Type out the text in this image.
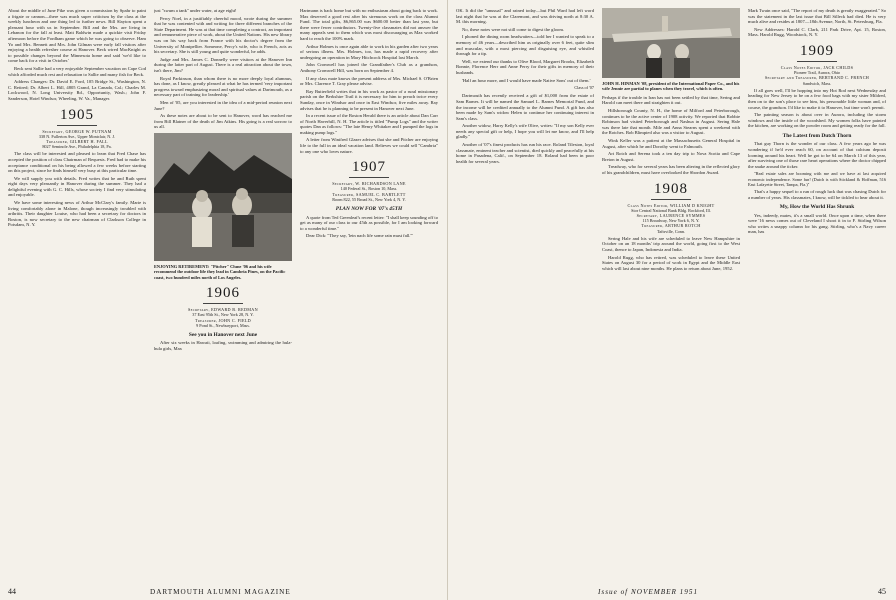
About the middle of June Pike was given a commission by Spahr to paint a frigate or cannon—there was much super criticism by the class at the weekly luncheon and one thing led to further news. Bill Slayton spent a pleasant hour with us in September. Bill and the Mrs. are living in Lebanon for the fall at least. Matt Baldwin made a quickie visit Friday afternoon before the Fordham game which he was going to observe. Ham Yo and Mrs. Bennett and Mrs. John Gilman were early fall visitors after enjoying a health refresher course at Hanover. Beck wired MacKnight as to possible changes beyond the Minnesota home and said 'we'd like to come back for a visit in October.'

Beck sent Sallie had a very enjoyable September vacation on Cape Cod which afforded much rest and relaxation to Sallie and many fish for Beck.

Address Changes: Dr. David E. Ford, 105 Bridge St., Washington, N. C. Retired; Dr. Albert L. Hill, 4805 Grand, La Canada, Cal.; Charles M. Lockwood, N. Long University Rd., Opportunity, Wash.; John F. Sanderson, Hotel Windsor, Wheeling, W. Va., Manager.

1905
Secretary, GEORGE W. PUTNAM
338 N. Fullerton Ave., Upper Montclair, N. J.
Treasurer, GILBERT H. FALL
8027 Seminole Ave., Philadelphia 18, Pa.

The class will be interested and pleased to learn that Fred Chase has accepted the position of class Chairman of Bequests. Fred had to make his acceptance conditional on his being allowed a few weeks before starting on this project, since he finds himself very busy at this particular time.

We will supply you with details. Fred writes that he and Ruth spent eight days very pleasantly in Hanover during the summer. They had a delightful evening with G. C. Hills, whose society I find very stimulating and enjoyable.

We have some interesting news of Arthur McClary's family. Marie is living comfortably alone in Malone, though increasingly troubled with arthritis. Their daughter Louise, who had been a secretary for doctors in Boston, is now secretary to the new chairman of Clarkson College in Potsdam, N. Y.

just "swum a tank" under water, at age eight!

Percy Noel, in a justifiably cheerful mood, wrote during the summer that he was contented with and writing for three different branches of the State Department. He was at that time completing a contract, an important and remunerative piece of work, about the United Nations. His new library was on his way back from France with his doctor's degree from the University of Montpellier. Someone, Percy's wife, who is French, acts as his secretary. She is still young and quite wonderful, he adds.

Judge and Mrs. James C. Donnelly were visitors at the Hanover Inn during the latter part of August. There is a real attraction about the town, isn't there, Jim?

Royal Parkinson, than whom there is no more deeply loyal alumnus, has done, as I know, greatly pleased at what he has termed 'very important progress toward emphasizing moral and spiritual values at Dartmouth, as a necessary part of training for leadership.'

Men of '05, are you interested in the idea of a mid-period reunion next June?

As these notes are about to be sent to Hanover, word has reached me from Bill Blatner of the death of Jim Atkins. His going is a real sorrow to us all.

ENJOYING RETIREMENT: "Pitcher" Clune '06 and his wife recommend the outdoor life they lead in Cambria Pines, on the Pacific coast, two hundred miles north of Los Angeles.
1906
Secretary, EDWARD B. REDMAN
37 East 95th St., New York 28, N. Y.
Treasurer, JOHN C. FIELD
9 Pond St., Newburyport, Mass.
See you in Hanover next June

After six weeks in Hawaii, loafing, swimming and admiring the hula-hula girls, Max

Hartmann is back home but with no enthusiasm about going back to work. Max deserved a good rest after his strenuous work on the class Alumni Fund. The total gifts, $6,865.00 was $600.00 better than last year, but there were fewer contributors. Twenty-five classmates did not answer the many appeals sent to them which was most discouraging as Max worked hard to reach the 100% mark.

Arthur Holmes is once again able to work in his garden after two years of serious illness. Mrs. Holmes, too, has made a rapid recovery after undergoing an operation in Mary Hitchcock Hospital last March.

John Cromwell has joined the Grandfather's Club as a grandson, Anthony Cromwell Hill, was born on September 4.

If any class mate knows the present address of Mrs. Michael S. O'Brien or Mrs. Clarence T. Gray please advise.

Ray Butterfield writes that in his work as pastor of a rural missionary parish on the Berkshire Trail it is necessary for him to preach twice every Sunday, once in Windsor and once in East Windsor, five miles away. Ray advises that he is planning to be present in Hanover next June.

In a recent issue of the Boston Herald there is an article about Dan Carr of North Haverhill, N. H. The article is titled "Pump Logs" and the writer quotes Dan as follows: "The late Henry Whitaker and I pumped the logs in making pump logs."

A letter from Winifred Glazer advises that she and Pitcher are enjoying life to the full in an ideal vacation land. Believes we could sell "Cambria" to any one who loves nature.

1907
Secretary, W. RICHARDSON LANE
140 Federal St., Boston 10, Mass.
Treasurer, SAMUEL C. BARTLETT
Room 822, 55 Broad St., New York 4, N. Y.
PLAN NOW FOR '07's 45TH

A quote from Ted Greenleaf's recent letter: "I shall keep sounding off to get as many of our class to our 45th as possible, for I am looking forward to a wonderful time."

Dear Dick: "They say, 'lein nach life some rain must fall.'"

44	DARTMOUTH ALUMNI MAGAZINE

OK. It did the "unusual" and rained today—but Phil Ward had left word last night that he was at the Claremont, and was driving north at 8:30 A. M. this morning.

No, these notes were not still come to digest the gloom.

I phoned the dining room headwaiters—told her I wanted to speak to a memory of 46 years—described him as originally over 6 feet, quite slim and muscular, with a most piercing and disguising eye, and whistled through for a tip.

Well, we extend our thanks to Olive Blood, Margaret Brooks, Elizabeth Bonnie, Florence Herr and Anne Perry for their gifts in memory of their husbands.

'Half an hour more, and I would have made Native Sons' out of them.'

Class of '07

Dartmouth has recently received a gift of $1,000 from the estate of Sam Barnes. It will be named the Samuel L. Barnes Memorial Fund, and the income will be credited annually to the Alumni Fund. A gift has also been made by Sam's widow Helen to continue her continuing interest in Sam's class.

Another widow, Harry Kelly's wife Olive, writes: "If my son Kelly ever needs any special gift or help, I hope you will let me know, and I'll help gladly."

Another of '07's finest products has run his race. Roland Tileston, loyal classmate, eminent teacher and scientist, died quickly and peacefully at his home in Pasadena, Calif., on September 18. Roland had been in poor health for several years.

JOHN H. HINMAN '08, president of the International Paper Co., and his wife Jennie are partial to planes when they travel, which is often.

Perhaps if the trouble in Iran has not been settled by that time, Sering and Harold can meet there and straighten it out.

Hillsborough County, N. H., the home of Milford and Peterborough, continues to be the active center of 1908 activity. We reported that Robbie Robinson had visited Peterborough and Nashua in August. Sering Hale was there late that month. Mile and Anna Stearns spent a weekend with the Rotches. Bob Blimpied also was a visitor to August.

Wink Keller was a patient at the Massachusetts General Hospital in August, after which he and Dorothy went to Falmouth.

Art Rotch and Serena took a ten day trip to Nova Scotia and Cape Breton in August.

Treadway, who for several years has been altering in the reflected glory of his grandchildren, must have overlooked the Sbordon Award.

1908
Class Notes Editor, WILLIAM D KNIGHT
Stor Central National Bank Bldg. Rockford, Ill.
Secretary, LAURENCE SYMMES
115 Broadway, New York 6, N. Y.
Treasurer, ARTHUR ROTCH
Taftsville, Conn.

Sering Hale and his wife are scheduled to leave New Hampshire in October on an 18 months' trip around the world, going first to the West Coast, thence to Japan, Indonesia and India.

Harold Rugg, who has retired, was scheduled to leave these United States on August 30 for a period of work in Egypt and the Middle East which will last about nine months. He plans to return about June, 1952.

Mark Twain once said, "The report of my death is greatly exaggerated." So was the statement in the last issue that Bill Silleck had died. He is very much alive and resides at 1807—18th Avenue, North, St. Petersburg, Fla.

New Addresses: Harold C. Clark, 211 Park Drive, Apt. 15, Boston, Mass. Harold Rugg, Woodstock, N. Y.

1909
Class Notes Editor, JACK CHILDS
Pioneer Trail, Aurora, Ohio
Secretary and Treasurer, BERTRAND C. FRENCH
Sandwich, Mass.

If all goes well, I'll be hopping into my Hot Rod next Wednesday and heading for New Jersey to be on a few food bags with my sister Mildred, then on to the son's place to see him, his personable little woman and, of course, the grandson. I'd like to make it to Hanover, but time won't permit.

The painting season is about over in Aurora, including the storm windows and the inside of the woodshed. My women folks have painted the kitchen, are working on the powder room and getting ready for the fall.

The Latest from Dutch Thorn

That guy Thorn is the wonder of our class. A few years ago he was wondering if he'd ever reach 60, on account of that calcium deposit looming around his heart. Well he got to be 64 on March 13 of this year, after surviving one of those rare heart operations where the doctor chipped the snake around the ticker.

"Real estate sales are booming with me and we have at last acquired economic independence. Some fun! (Dutch is with Stickland & Hoffman, 516 East Lafayette Street, Tampa, Fla.)"

That's a happy sequel to a run of rough luck that was chasing Dutch for a number of years. His classmates, I know, will be tickled to hear about it.

My, How the World Has Shrunk

Yes, indeedy, mates, it's a small world. Once upon a time, when there were '16 news comes out of Cleveland I shoot it in to F. Stirling Wilson who writes a snappy column for his gang. Stirling, who's a Navy career man, has

Issue of NOVEMBER 1951	45
